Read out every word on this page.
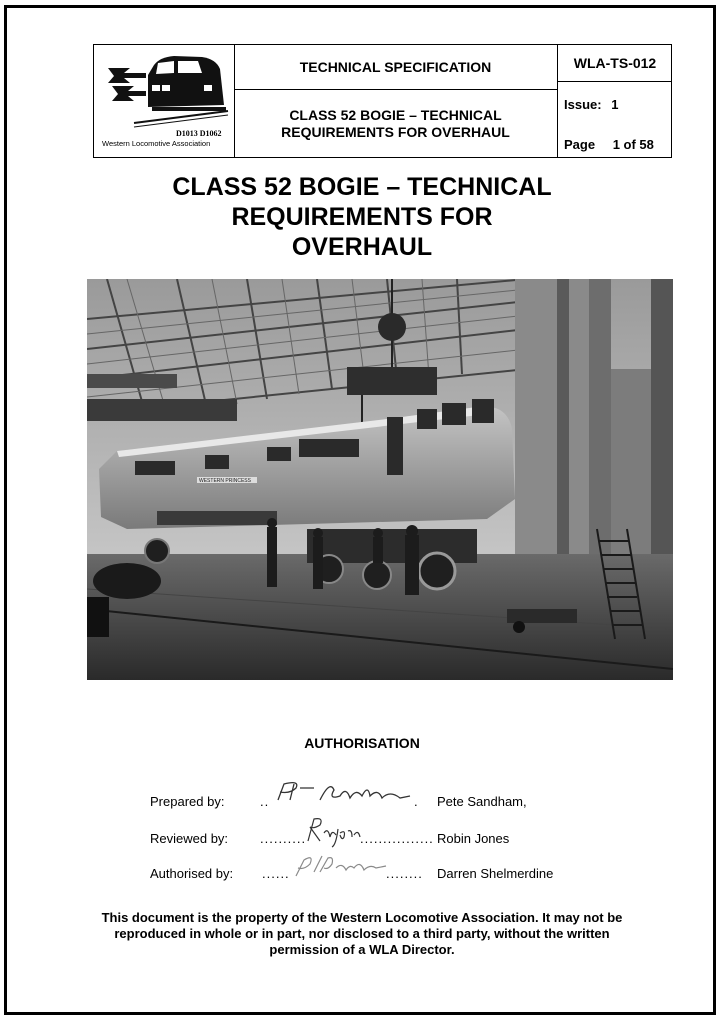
D1013 D1062
Western Locomotive Association
TECHNICAL SPECIFICATION
CLASS 52 BOGIE – TECHNICAL
REQUIREMENTS FOR OVERHAUL
WLA-TS-012
Issue: 1
Page 1 of 58
CLASS 52 BOGIE – TECHNICAL
REQUIREMENTS FOR
OVERHAUL
WESTERN PRINCESS
AUTHORISATION
Prepared by:	..	. Pete Sandham,
Reviewed by: ..........	................ Robin Jones
Authorised by: ......	........ Darren Shelmerdine
This document is the property of the Western Locomotive Association. It may not be reproduced in whole or in part, nor disclosed to a third party, without the written permission of a WLA Director.
